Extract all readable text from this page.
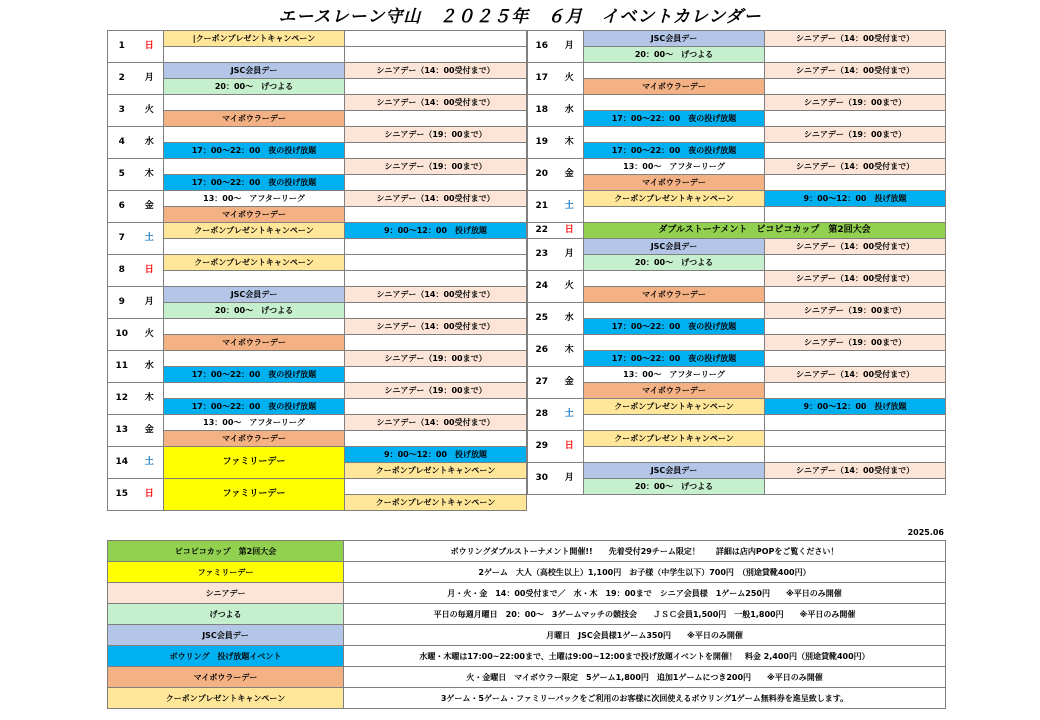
エースレーン守山　２０２５年　６月　イベントカレンダー
1	日	|クーポンプレゼントキャンペーン	

2	月	JSC会員デー	シニアデー（14：00受付まで）
		20：00～　げつよる	
3	火		シニアデー（14：00受付まで）
		マイボウラーデー	
4	水		シニアデー（19：00まで）
		17：00～22：00　夜の投げ放題	
5	木		シニアデー（19：00まで）
		17：00～22：00　夜の投げ放題	
6	金	13：00～　アフターリーグ	シニアデー（14：00受付まで）
		マイボウラーデー	
7	土	クーポンプレゼントキャンペーン	9：00～12：00　投げ放題

8	日	クーポンプレゼントキャンペーン	

9	月	JSC会員デー	シニアデー（14：00受付まで）
		20：00～　げつよる	
10	火		シニアデー（14：00受付まで）
		マイボウラーデー	
11	水		シニアデー（19：00まで）
		17：00～22：00　夜の投げ放題	
12	木		シニアデー（19：00まで）
		17：00～22：00　夜の投げ放題	
13	金	13：00～　アフターリーグ	シニアデー（14：00受付まで）
		マイボウラーデー	
14	土	ファミリーデー	9：00～12：00　投げ放題
			クーポンプレゼントキャンペーン
15	日	ファミリーデー	
			クーポンプレゼントキャンペーン
16	月	JSC会員デー	シニアデー（14：00受付まで）
		20：00～　げつよる	
17	火		シニアデー（14：00受付まで）
		マイボウラーデー	
18	水		シニアデー（19：00まで）
		17：00～22：00　夜の投げ放題	
19	木		シニアデー（19：00まで）
		17：00～22：00　夜の投げ放題	
20	金	13：00～　アフターリーグ	シニアデー（14：00受付まで）
		マイボウラーデー	
21	土	クーポンプレゼントキャンペーン	9：00～12：00　投げ放題

22	日	ダブルストーナメント　ピコピコカップ　第2回大会	

23	月	JSC会員デー	シニアデー（14：00受付まで）
		20：00～　げつよる	
24	火		シニアデー（14：00受付まで）
		マイボウラーデー	
25	水		シニアデー（19：00まで）
		17：00～22：00　夜の投げ放題	
26	木		シニアデー（19：00まで）
		17：00～22：00　夜の投げ放題	
27	金	13：00～　アフターリーグ	シニアデー（14：00受付まで）
		マイボウラーデー	
28	土	クーポンプレゼントキャンペーン	9：00～12：00　投げ放題

29	日	クーポンプレゼントキャンペーン	

30	月	JSC会員デー	シニアデー（14：00受付まで）
		20：00～　げつよる	
2025.06
ピコピコカップ　第2回大会	ボウリングダブルストーナメント開催!!　　先着受付29チーム限定！　　詳細は店内POPをご覧ください！
ファミリーデー	2ゲーム　大人（高校生以上）1,100円　お子様（中学生以下）700円　（別途貸靴400円）
シニアデー	月・火・金　14：00受付まで／　水・木　19：00まで　シニア会員様　1ゲーム250円　　※平日のみ開催
げつよる	平日の毎週月曜日　20：00～　3ゲームマッチの競技会　　ＪＳＣ会員1,500円　一般1,800円　　※平日のみ開催
JSC会員デー	月曜日　JSC会員様1ゲーム350円　　※平日のみ開催
ボウリング　投げ放題イベント	水曜・木曜は17:00~22:00まで、土曜は9:00~12:00まで投げ放題イベントを開催！　料金 2,400円（別途貸靴400円）
マイボウラーデー	火・金曜日　マイボウラー限定　5ゲーム1,800円　追加1ゲームにつき200円　　※平日のみ開催
クーポンプレゼントキャンペーン	3ゲーム・5ゲーム・ファミリーパックをご利用のお客様に次回使えるボウリング1ゲーム無料券を進呈致します。
